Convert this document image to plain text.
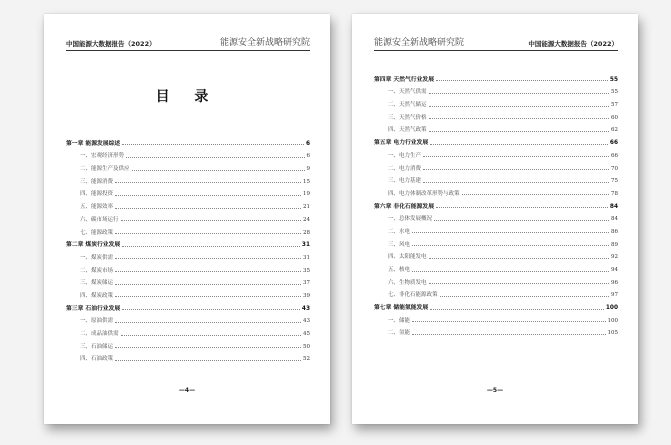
中国能源大数据报告（2022）	能源安全新战略研究院
目 录
第一章 能源发展综述	6
一、宏观经济形势	6
二、能源生产及供应	9
三、能源消费	15
四、能源投资	19
五、能源效率	21
六、碳市场运行	24
七、能源政策	28
第二章 煤炭行业发展	31
一、煤炭供需	31
二、煤炭市场	35
三、煤炭储运	37
四、煤炭政策	39
第三章 石油行业发展	43
一、原油供需	43
二、成品油供需	45
三、石油储运	50
四、石油政策	52
—4—
能源安全新战略研究院	中国能源大数据报告（2022）
第四章 天然气行业发展	55
一、天然气供需	55
二、天然气储运	57
三、天然气价格	60
四、天然气政策	62
第五章 电力行业发展	66
一、电力生产	66
二、电力消费	70
三、电力基建	75
四、电力体制改革形势与政策	78
第六章 非化石能源发展	84
一、总体发展概况	84
二、水电	86
三、风电	89
四、太阳能发电	92
五、核电	94
六、生物质发电	96
七、非化石能源政策	97
第七章 储能氢能发展	100
一、储能	100
二、氢能	105
—5—
